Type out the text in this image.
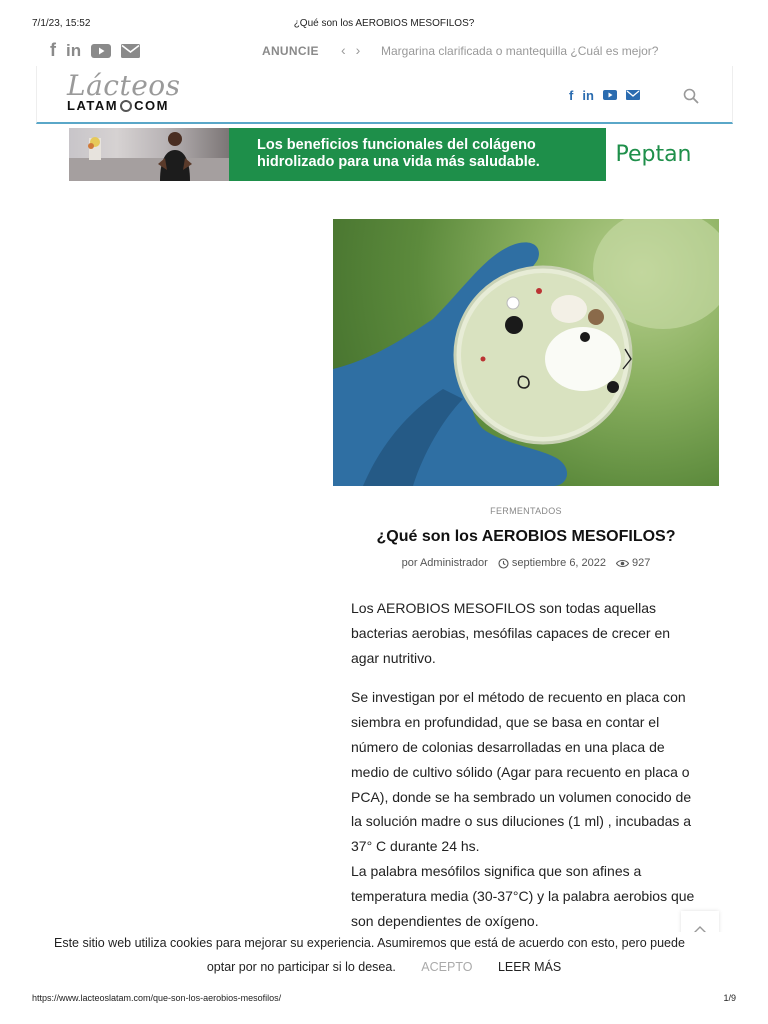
7/1/23, 15:52	¿Qué son los AEROBIOS MESOFILOS?
f in	ANUNCIE ‹ › Margarina clarificada o mantequilla ¿Cuál es mejor?
Lácteos
LATAM COM
f in
Los beneficios funcionales del colágeno
hidrolizado para una vida más saludable.	Peptan
FERMENTADOS
¿Qué son los AEROBIOS MESOFILOS?
por Administrador septiembre 6, 2022 927

Los AEROBIOS MESOFILOS son todas aquellas bacterias aerobias, mesófilas capaces de crecer en agar nutritivo.

Se investigan por el método de recuento en placa con siembra en profundidad, que se basa en contar el número de colonias desarrolladas en una placa de medio de cultivo sólido (Agar para recuento en placa o PCA), donde se ha sembrado un volumen conocido de la solución madre o sus diluciones (1 ml) , incubadas a 37° C durante 24 hs.

La palabra mesófilos significa que son afines a temperatura media (30-37°C) y la palabra aerobios que son dependientes de oxígeno.

Este sitio web utiliza cookies para mejorar su experiencia. Asumiremos que está de acuerdo con esto, pero puede
optar por no participar si lo desea. ACEPTO LEER MÁS
https://www.lacteoslatam.com/que-son-los-aerobios-mesofilos/	1/9
